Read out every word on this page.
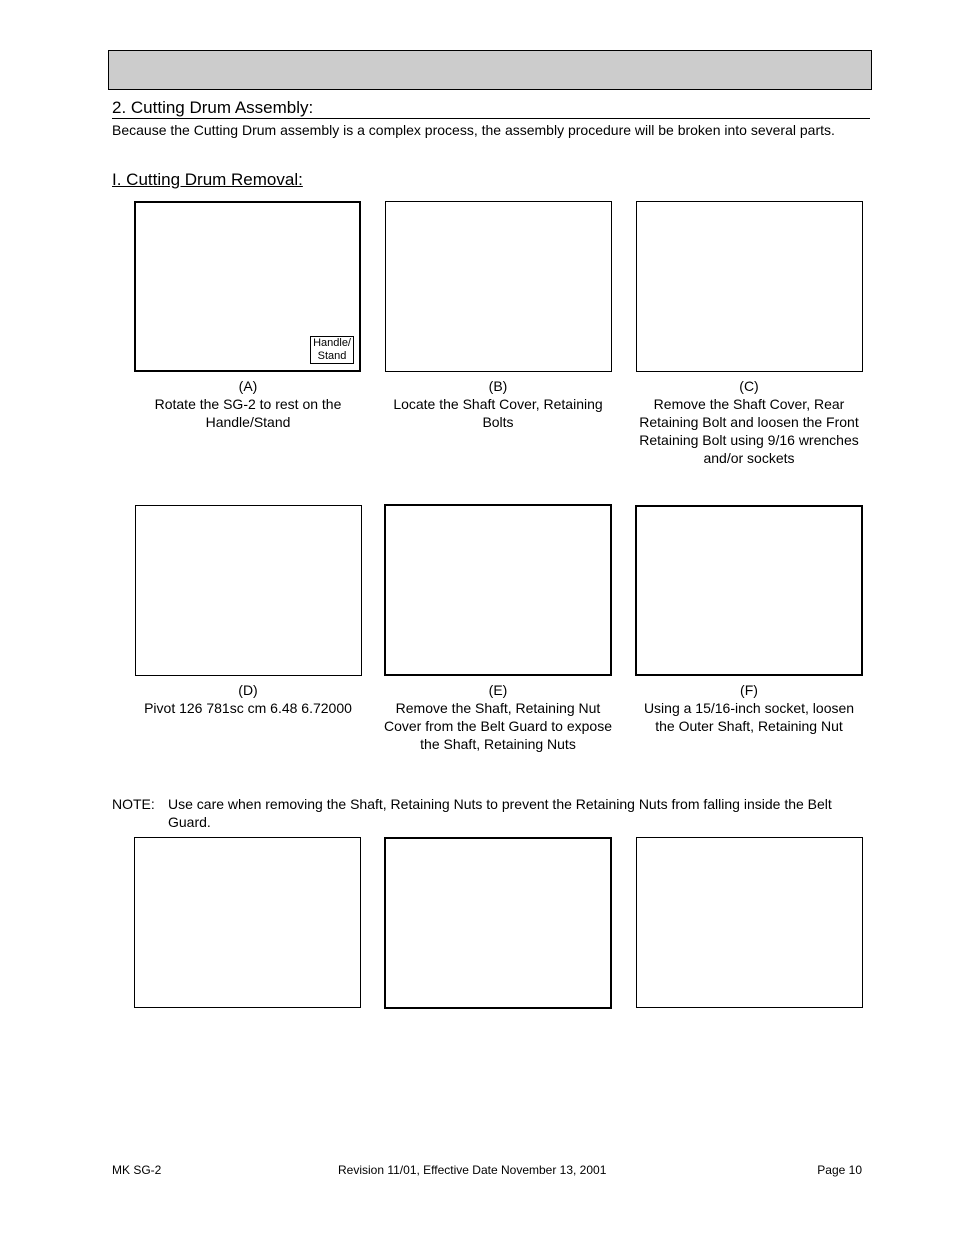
2. Cutting Drum Assembly:
Because the Cutting Drum assembly is a complex process, the assembly procedure will be broken into several parts.
I. Cutting Drum Removal:
Handle/
Stand
(A)
Rotate the SG-2 to rest on the Handle/Stand
(B)
Locate the Shaft Cover, Retaining Bolts
(C)
Remove the Shaft Cover, Rear Retaining Bolt and loosen the Front Retaining Bolt using 9/16 wrenches and/or sockets
(D)
Pivot 126 781sc cm 6.48 6.72000
(E)
Remove the Shaft, Retaining Nut Cover from the Belt Guard to expose the Shaft, Retaining Nuts
(F)
Using a 15/16-inch socket, loosen the Outer Shaft, Retaining Nut
NOTE: Use care when removing the Shaft, Retaining Nuts to prevent the Retaining Nuts from falling inside the Belt Guard.
MK SG-2	Revision 11/01, Effective Date November 13, 2001	Page 10
